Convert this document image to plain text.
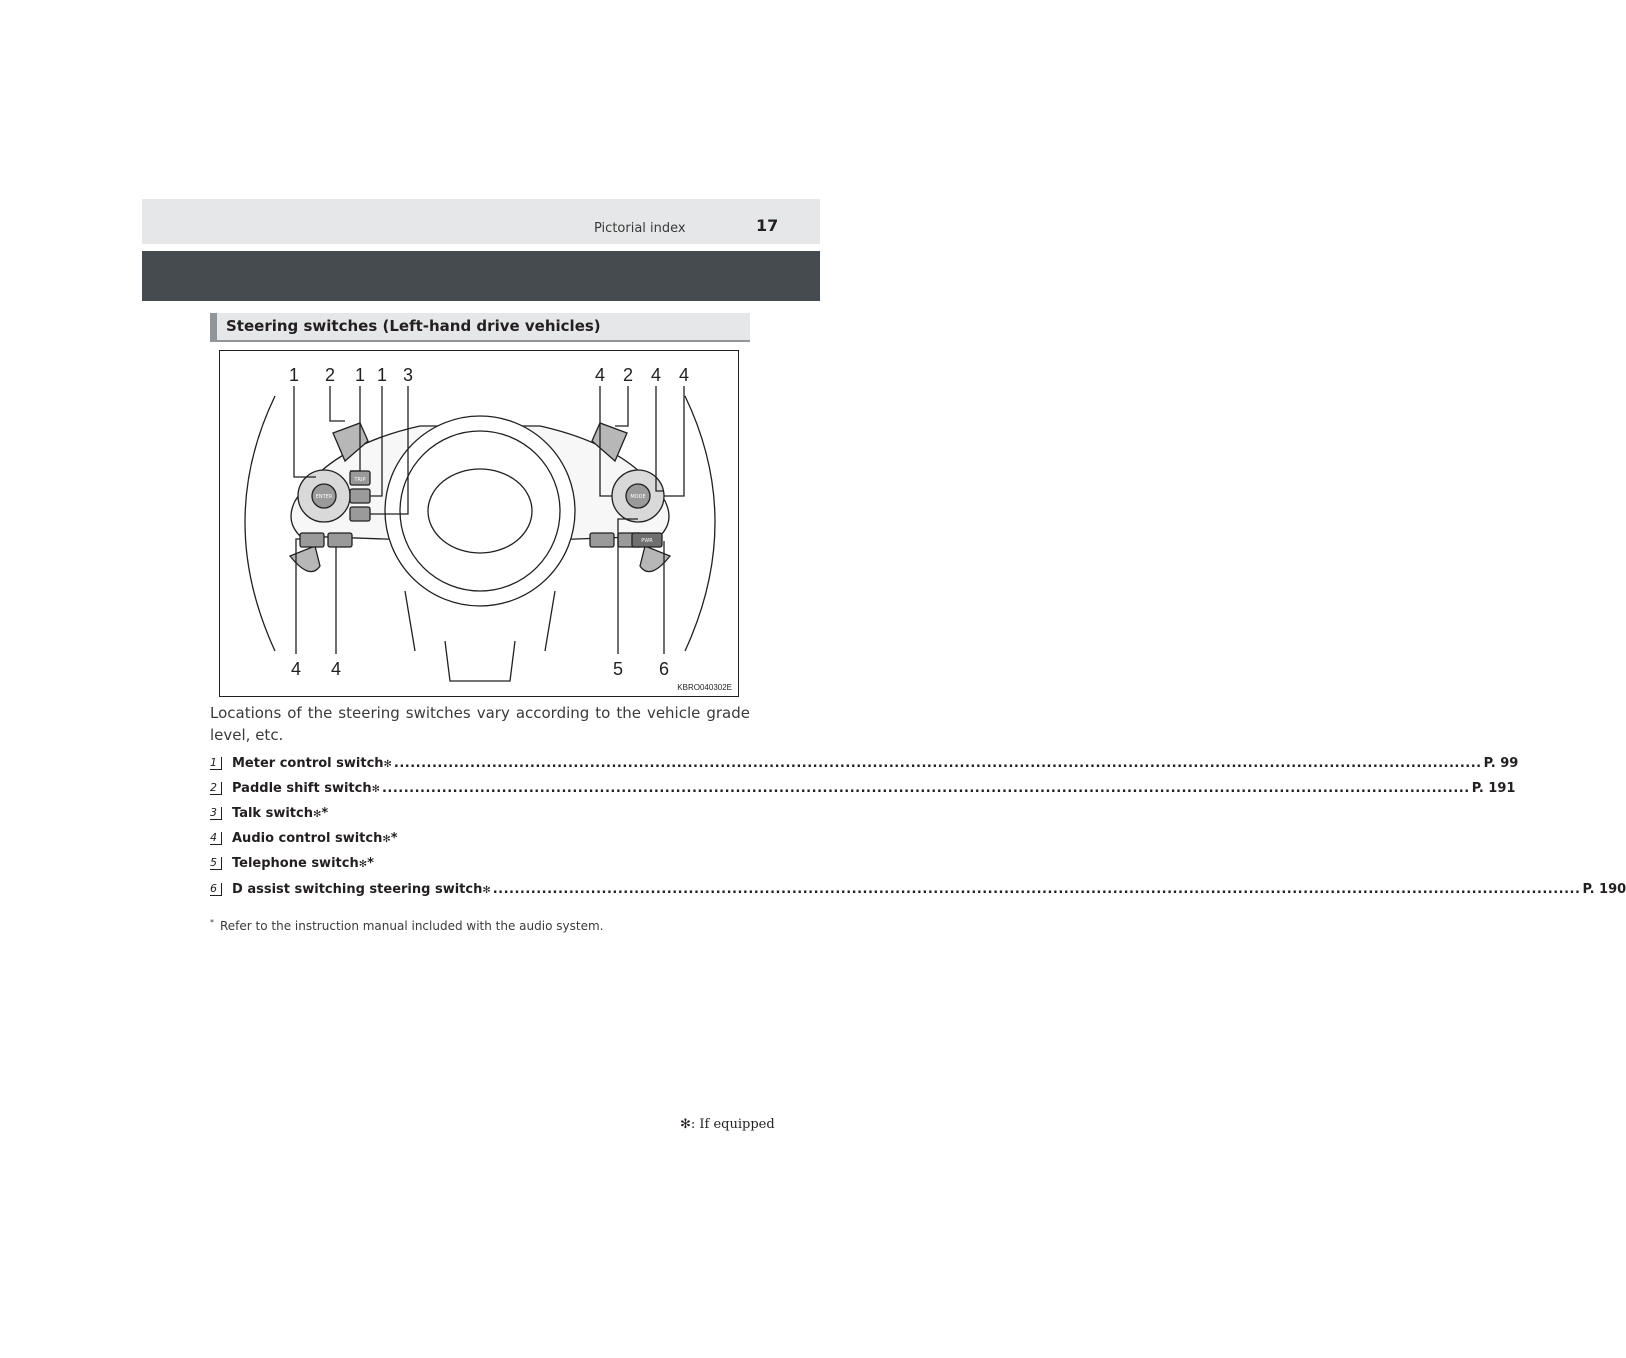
Pictorial index	17
Steering switches (Left-hand drive vehicles)
TRIP
ENTER	MODE
PWR
1 2 1 1 3	4 2 4 4
4 4	5 6
KBRO040302E
Locations of the steering switches vary according to the vehicle grade level, etc.
1	Meter control switch✻ ........................................................................................................................................................................................................ P. 99
2	Paddle shift switch✻ ........................................................................................................................................................................................................ P. 191
3	Talk switch✻*
4	Audio control switch✻*
5	Telephone switch✻*
6	D assist switching steering switch✻ ........................................................................................................................................................................................................ P. 190
* Refer to the instruction manual included with the audio system.
✻: If equipped
